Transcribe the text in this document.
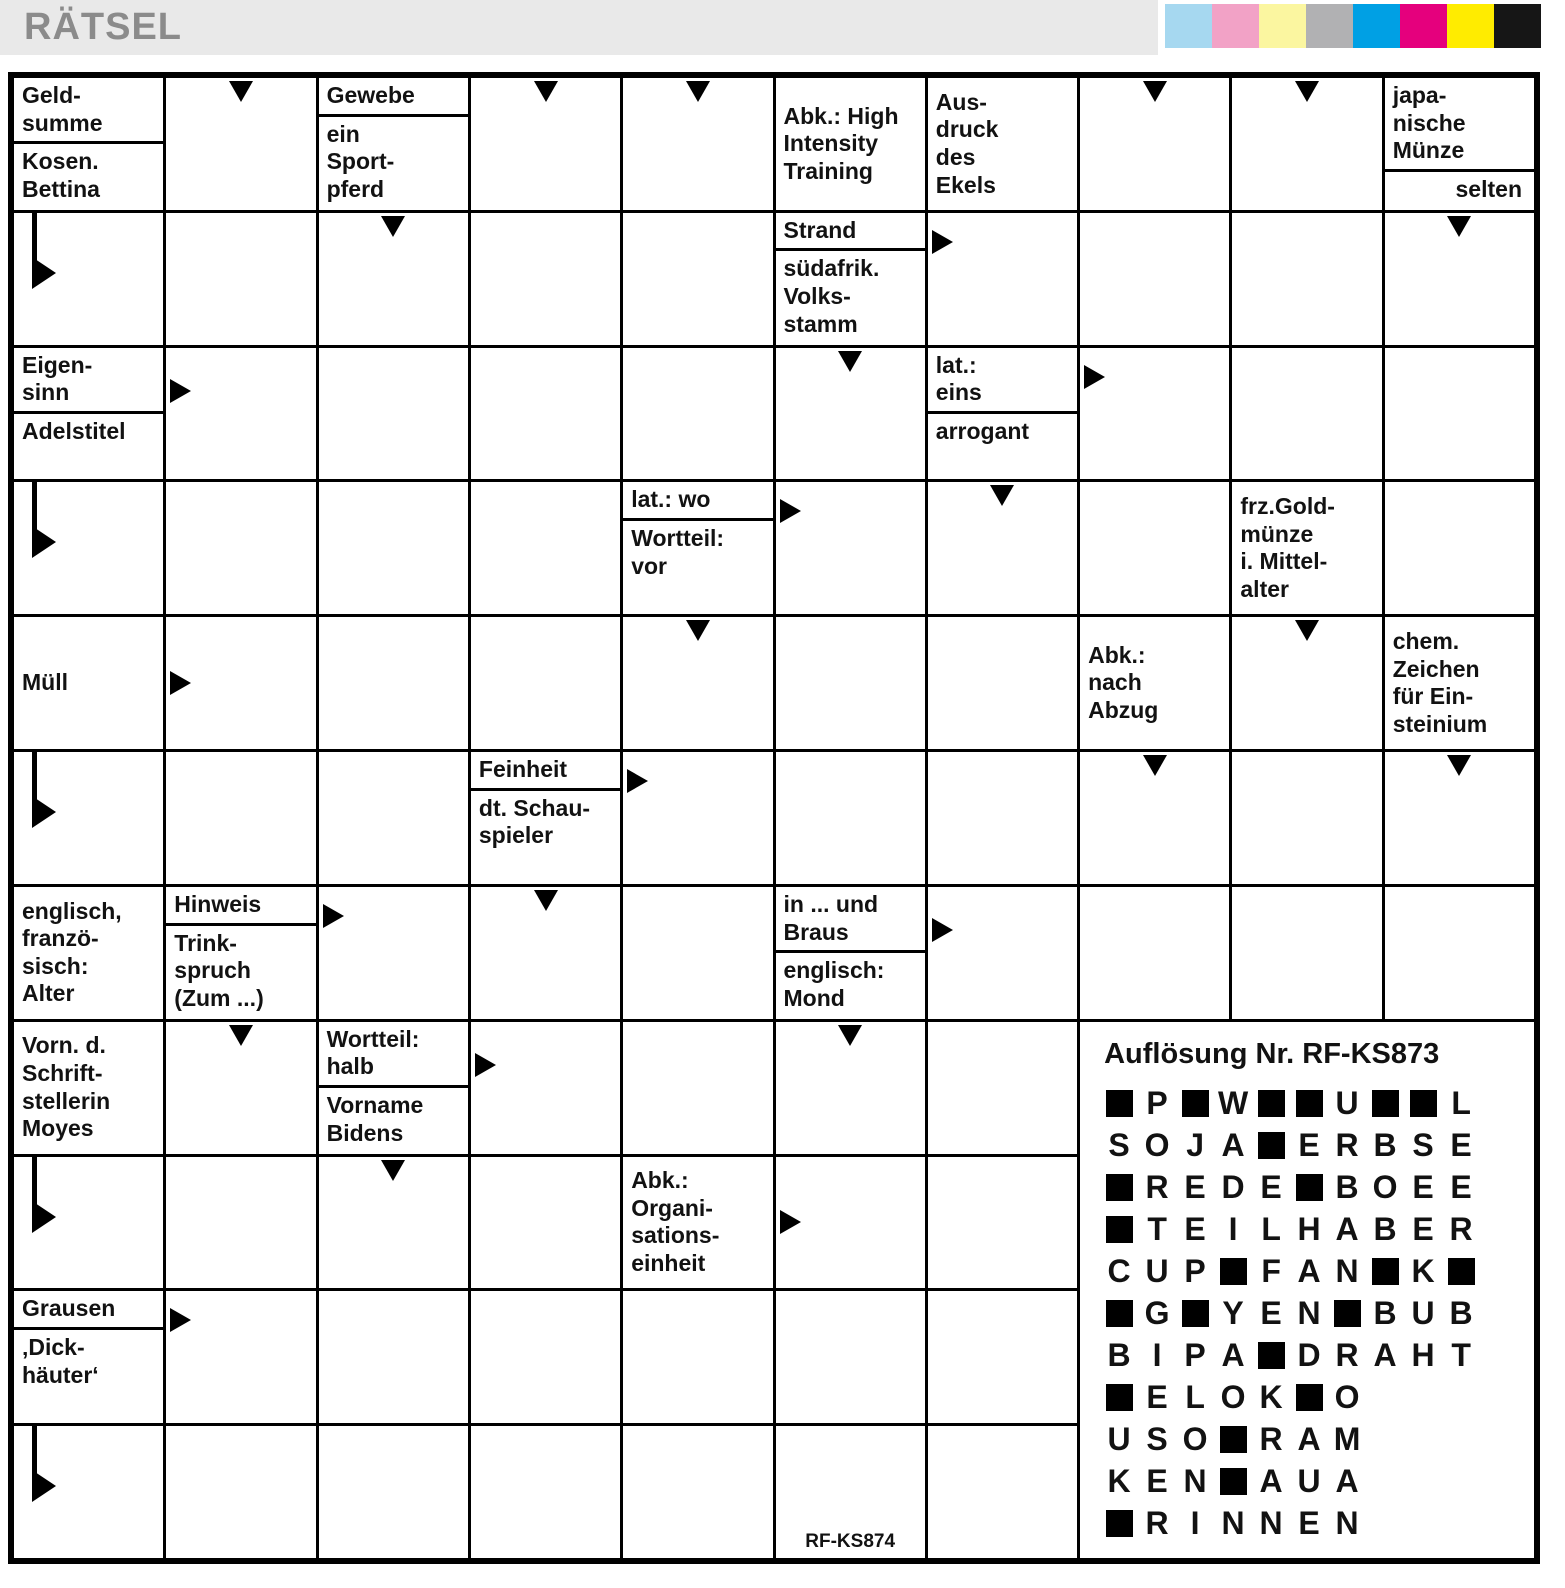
RÄTSEL
Geld-
summe
Kosen.
Bettina
Gewebe
ein
Sport-
pferd
Abk.: High
Intensity
Training
Aus-
druck
des
Ekels
japa-
nische
Münze
selten
Strand
südafrik.
Volks-
stamm
Eigen-
sinn
Adelstitel
lat.:
eins
arrogant
lat.: wo
Wortteil:
vor
frz.Gold-
münze
i. Mittel-
alter
Müll
Abk.:
nach
Abzug
chem.
Zeichen
für Ein-
steinium
Feinheit
dt. Schau-
spieler
englisch,
franzö-
sisch:
Alter
Hinweis
Trink-
spruch
(Zum ...)
in ... und
Braus
englisch:
Mond
Vorn. d.
Schrift-
stellerin
Moyes
Wortteil:
halb
Vorname
Bidens
Auflösung Nr. RF-KS873
P W	U	L
S O J A E R B S E
R E D E B O E E
T E I L H A B E R
C U P F A N K
G Y E N B U B
B I P A D R A H T
E L O K O
U S O R A M
K E N A U A
R I N N E N
Abk.:
Organi-
sations-
einheit
Grausen
‚Dick-
häuter‘
RF-KS874
